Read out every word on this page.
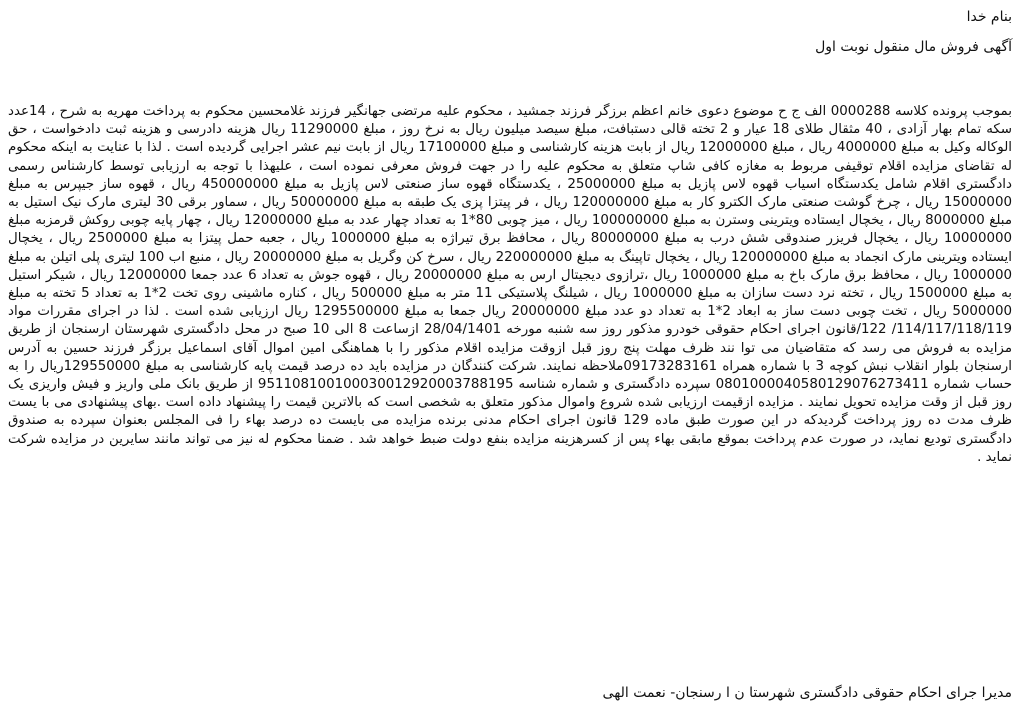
بنام خدا
آگهی فروش مال منقول نوبت اول

بموجب پرونده کلاسه 0000288 الف ج ح موضوع دعوی خانم اعظم برزگر فرزند جمشید ، محکوم علیه مرتضی جهانگیر فرزند غلامحسین محکوم به پرداخت مهریه به شرح ، 14عدد سکه تمام بهار آزادی ، 40 مثقال طلای 18 عیار و 2 تخته قالی دستبافت، مبلغ سیصد میلیون ریال به نرخ روز ، مبلغ 11290000 ریال هزینه دادرسی و هزینه ثبت دادخواست ، حق الوکاله وکیل به مبلغ 4000000 ریال ، مبلغ 12000000 ریال از بابت هزینه کارشناسی و مبلغ 17100000 ریال از بابت نیم عشر اجرایی گردیده است . لذا با عنایت به اینکه محکوم له تقاضای مزایده اقلام توقیفی مربوط به مغازه کافی شاپ متعلق به محکوم علیه را در جهت فروش معرفی نموده است ، علیهذا با توجه به ارزیابی توسط کارشناس رسمی دادگستری اقلام شامل یکدستگاه اسیاب قهوه لاس پازیل به مبلغ 25000000 ، یکدستگاه قهوه ساز صنعتی لاس پازیل به مبلغ 450000000 ریال ، قهوه ساز جیپرس به مبلغ 15000000 ریال ، چرخ گوشت صنعتی مارک الکترو کار به مبلغ 120000000 ریال ، فر پیتزا پزی یک طبقه به مبلغ 50000000 ریال ، سماور برقی 30 لیتری مارک نیک استیل به مبلغ 8000000 ریال ، یخچال ایستاده ویترینی وسترن به مبلغ 100000000 ریال ، میز چوبی 80*1 به تعداد چهار عدد به مبلغ 12000000 ریال ، چهار پایه چوبی روکش قرمزبه مبلغ 10000000 ریال ، یخچال فریزر صندوقی شش درب به مبلغ 80000000 ریال ، محافظ برق تیراژه به مبلغ 1000000 ریال ، جعبه حمل پیتزا به مبلغ 2500000 ریال ، یخچال ایستاده ویترینی مارک انجماد به مبلغ 120000000 ریال ، یخچال تاپینگ به مبلغ 220000000 ریال ، سرخ کن وگریل به مبلغ 20000000 ریال ، منبع اب 100 لیتری پلی اتیلن به مبلغ 1000000 ریال ، محافظ برق مارک باخ به مبلغ 1000000 ریال ،ترازوی دیجیتال ارس به مبلغ 20000000 ریال ، قهوه جوش به تعداد 6 عدد جمعا 12000000 ریال ، شیکر استیل به مبلغ 1500000 ریال ، تخته نرد دست سازان به مبلغ 1000000 ریال ، شیلنگ پلاستیکی 11 متر به مبلغ 500000 ریال ، کناره ماشینی روی تخت 2*1 به تعداد 5 تخته به مبلغ 5000000 ریال ، تخت چوبی دست ساز به ابعاد 2*1 به تعداد دو عدد مبلغ 20000000 ریال جمعا به مبلغ 1295500000 ریال ارزیابی شده است . لذا در اجرای مقررات مواد 114/117/118/119/ 122/قانون اجرای احکام حقوقی خودرو مذکور روز سه شنبه مورخه 28/04/1401 ازساعت 8 الی 10 صبح در محل دادگستری شهرستان ارسنجان از طریق مزایده به فروش می رسد که متقاضیان می توا نند ظرف مهلت پنج روز قبل ازوقت مزایده اقلام مذکور را با هماهنگی امین اموال آقای اسماعیل برزگر فرزند حسین به آدرس ارسنجان بلوار انقلاب نبش کوچه 3 با شماره همراه 09173283161ملاحظه نمایند. شرکت کنندگان در مزایده باید ده درصد قیمت پایه کارشناسی به مبلغ 129550000ریال را به حساب شماره 0801000040580129076273411 سپرده دادگستری و شماره شناسه 951108100100030012920003788195 از طریق بانک ملی واریز و فیش واریزی یک روز قبل از وقت مزایده تحویل نمایند . مزایده ازقیمت ارزیابی شده شروع واموال مذکور متعلق به شخصی است که بالاترین قیمت را پیشنهاد داده است .بهای پیشنهادی می با یست ظرف مدت ده روز پرداخت گردیدکه در این صورت طبق ماده 129 قانون اجرای احکام مدنی برنده مزایده می بایست ده درصد بهاء را فی المجلس بعنوان سپرده به صندوق دادگستری تودیع نماید، در صورت عدم پرداخت بموقع مابقی بهاء پس از کسرهزینه مزایده بنفع دولت ضبط خواهد شد . ضمنا محکوم له نیز می تواند مانند سایرین در مزایده شرکت نماید .

مدیرا جرای احکام حقوقی دادگستری شهرستا ن ا رسنجان- نعمت الهی
